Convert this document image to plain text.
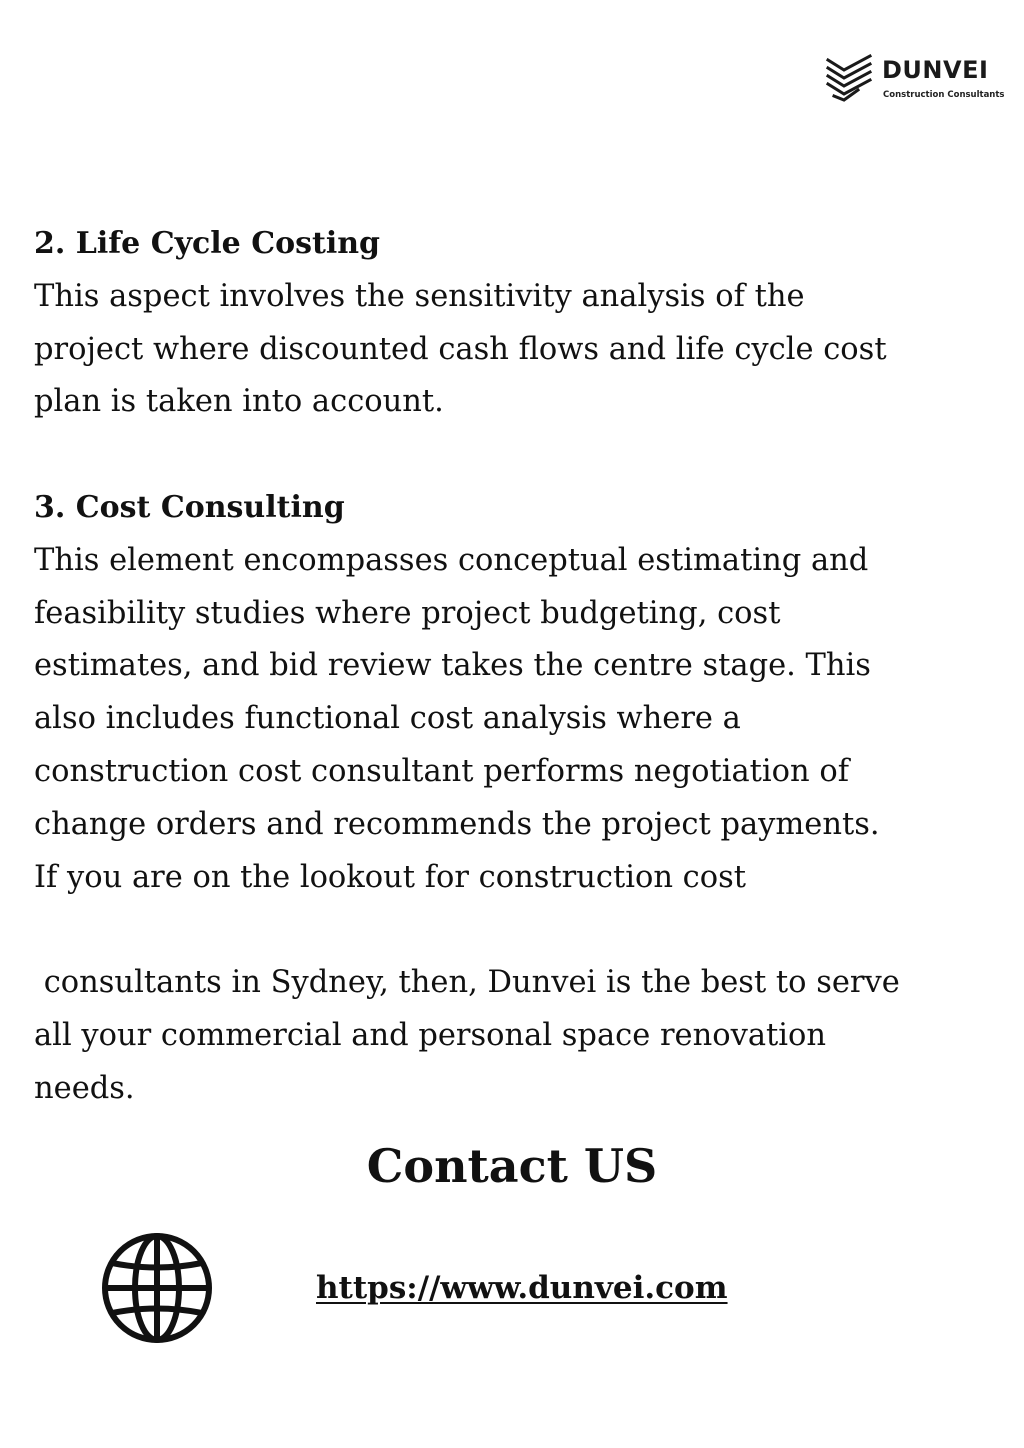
DUNVEI
Construction Consultants

2. Life Cycle Costing

This aspect involves the sensitivity analysis of the

project where discounted cash flows and life cycle cost

plan is taken into account.

3. Cost Consulting

This element encompasses conceptual estimating and

feasibility studies where project budgeting, cost

estimates, and bid review takes the centre stage. This

also includes functional cost analysis where a

construction cost consultant performs negotiation of

change orders and recommends the project payments.

If you are on the lookout for construction cost

consultants in Sydney, then, Dunvei is the best to serve

all your commercial and personal space renovation

needs.

Contact US
https://www.dunvei.com
